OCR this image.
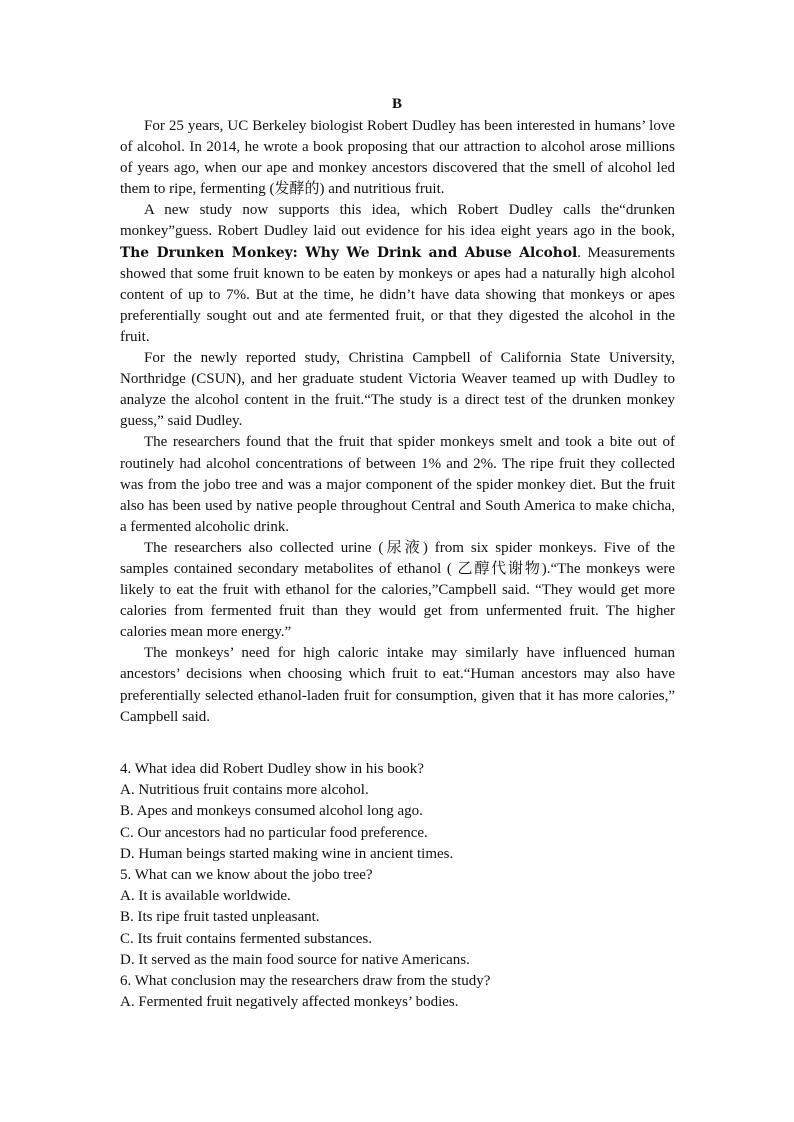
B

For 25 years, UC Berkeley biologist Robert Dudley has been interested in humans’ love of alcohol. In 2014, he wrote a book proposing that our attraction to alcohol arose millions of years ago, when our ape and monkey ancestors discovered that the smell of alcohol led them to ripe, fermenting (发酵的) and nutritious fruit.

A new study now supports this idea, which Robert Dudley calls the“drunken monkey”guess. Robert Dudley laid out evidence for his idea eight years ago in the book, The Drunken Monkey: Why We Drink and Abuse Alcohol. Measurements showed that some fruit known to be eaten by monkeys or apes had a naturally high alcohol content of up to 7%. But at the time, he didn’t have data showing that monkeys or apes preferentially sought out and ate fermented fruit, or that they digested the alcohol in the fruit.

For the newly reported study, Christina Campbell of California State University, Northridge (CSUN), and her graduate student Victoria Weaver teamed up with Dudley to analyze the alcohol content in the fruit.“The study is a direct test of the drunken monkey guess,” said Dudley.

The researchers found that the fruit that spider monkeys smelt and took a bite out of routinely had alcohol concentrations of between 1% and 2%. The ripe fruit they collected was from the jobo tree and was a major component of the spider monkey diet. But the fruit also has been used by native people throughout Central and South America to make chicha, a fermented alcoholic drink.

The researchers also collected urine (尿液) from six spider monkeys. Five of the samples contained secondary metabolites of ethanol ( 乙醇代谢物).“The monkeys were likely to eat the fruit with ethanol for the calories,”Campbell said. “They would get more calories from fermented fruit than they would get from unfermented fruit. The higher calories mean more energy.”

The monkeys’ need for high caloric intake may similarly have influenced human ancestors’ decisions when choosing which fruit to eat.“Human ancestors may also have preferentially selected ethanol-laden fruit for consumption, given that it has more calories,” Campbell said.

4. What idea did Robert Dudley show in his book?
A. Nutritious fruit contains more alcohol.
B. Apes and monkeys consumed alcohol long ago.
C. Our ancestors had no particular food preference.
D. Human beings started making wine in ancient times.
5. What can we know about the jobo tree?
A. It is available worldwide.
B. Its ripe fruit tasted unpleasant.
C. Its fruit contains fermented substances.
D. It served as the main food source for native Americans.
6. What conclusion may the researchers draw from the study?
A. Fermented fruit negatively affected monkeys’ bodies.
